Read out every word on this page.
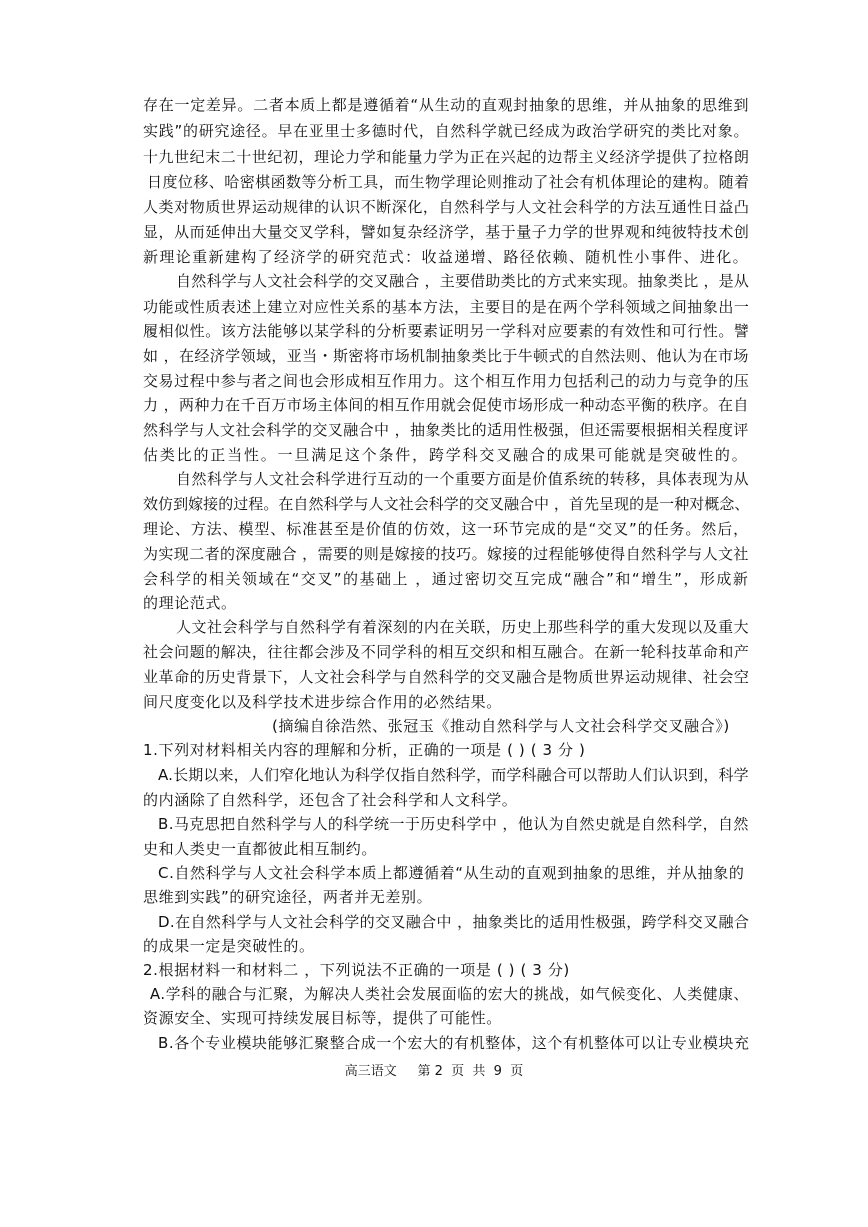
存在一定差异。二者本质上都是遵循着“从生动的直观封抽象的思维，并从抽象的思维到
实践”的研究途径。早在亚里士多德时代，自然科学就已经成为政治学研究的类比对象。
十九世纪末二十世纪初，理论力学和能量力学为正在兴起的边帮主义经济学提供了拉格朗
日度位移、哈密棋函数等分析工具，而生物学理论则推动了社会有机体理论的建构。随着
人类对物质世界运动规律的认识不断深化，自然科学与人文社会科学的方法互通性日益凸
显，从而延伸出大量交叉学科，譬如复杂经济学，基于量子力学的世界观和纯彼特技术创
新理论重新建构了经济学的研究范式：收益递增、路径依赖、随机性小事件、进化。
自然科学与人文社会科学的交叉融合 ，主要借助类比的方式来实现。抽象类比 ，是从
功能或性质表述上建立对应性关系的基本方法，主要目的是在两个学科领域之间抽象出一
履相似性。该方法能够以某学科的分析要素证明另一学科对应要素的有效性和可行性。譬
如 ，在经济学领域，亚当・斯密将市场机制抽象类比于牛顿式的自然法则、他认为在市场
交易过程中参与者之间也会形成相互作用力。这个相互作用力包括利己的动力与竞争的压
力 ，两种力在千百万市场主体间的相互作用就会促使市场形成一种动态平衡的秩序。在自
然科学与人文社会科学的交叉融合中 ，抽象类比的适用性极强，但还需要根据相关程度评
估类比的正当性。一旦满足这个条件，跨学科交叉融合的成果可能就是突破性的。
自然科学与人文社会科学进行互动的一个重要方面是价值系统的转移，具体表现为从
效仿到嫁接的过程。在自然科学与人文社会科学的交叉融合中 ，首先呈现的是一种对概念、
理论、方法、模型、标准甚至是价值的仿效，这一环节完成的是“交叉”的任务。然后，
为实现二者的深度融合 ，需要的则是嫁接的技巧。嫁接的过程能够使得自然科学与人文社
会科学的相关领域在“交叉”的基础上 ，通过密切交互完成“融合”和“增生”，形成新
的理论范式。
人文社会科学与自然科学有着深刻的内在关联，历史上那些科学的重大发现以及重大
社会问题的解决，往往都会涉及不同学科的相互交织和相互融合。在新一轮科技革命和产
业革命的历史背景下，人文社会科学与自然科学的交叉融合是物质世界运动规律、社会空
间尺度变化以及科学技术进步综合作用的必然结果。
(摘编自徐浩然、张冠玉《推动自然科学与人文社会科学交叉融合》)
1.下列对材料相关内容的理解和分析，正确的一项是 ( ) ( 3 分 )
A.长期以来，人们窄化地认为科学仅指自然科学，而学科融合可以帮助人们认识到，科学
的内涵除了自然科学，还包含了社会科学和人文科学。
B.马克思把自然科学与人的科学统一于历史科学中 ，他认为自然史就是自然科学，自然
史和人类史一直都彼此相互制约。
C.自然科学与人文社会科学本质上都遵循着“从生动的直观到抽象的思维，并从抽象的
思维到实践”的研究途径，两者并无差别。
D.在自然科学与人文社会科学的交叉融合中 ，抽象类比的适用性极强，跨学科交叉融合
的成果一定是突破性的。
2.根据材料一和材料二 ，下列说法不正确的一项是 ( ) ( 3 分)
A.学科的融合与汇聚，为解决人类社会发展面临的宏大的挑战，如气候变化、人类健康、
资源安全、实现可持续发展目标等，提供了可能性。
B.各个专业模块能够汇聚整合成一个宏大的有机整体，这个有机整体可以让专业模块充
高三语文     第 2  页  共  9  页
